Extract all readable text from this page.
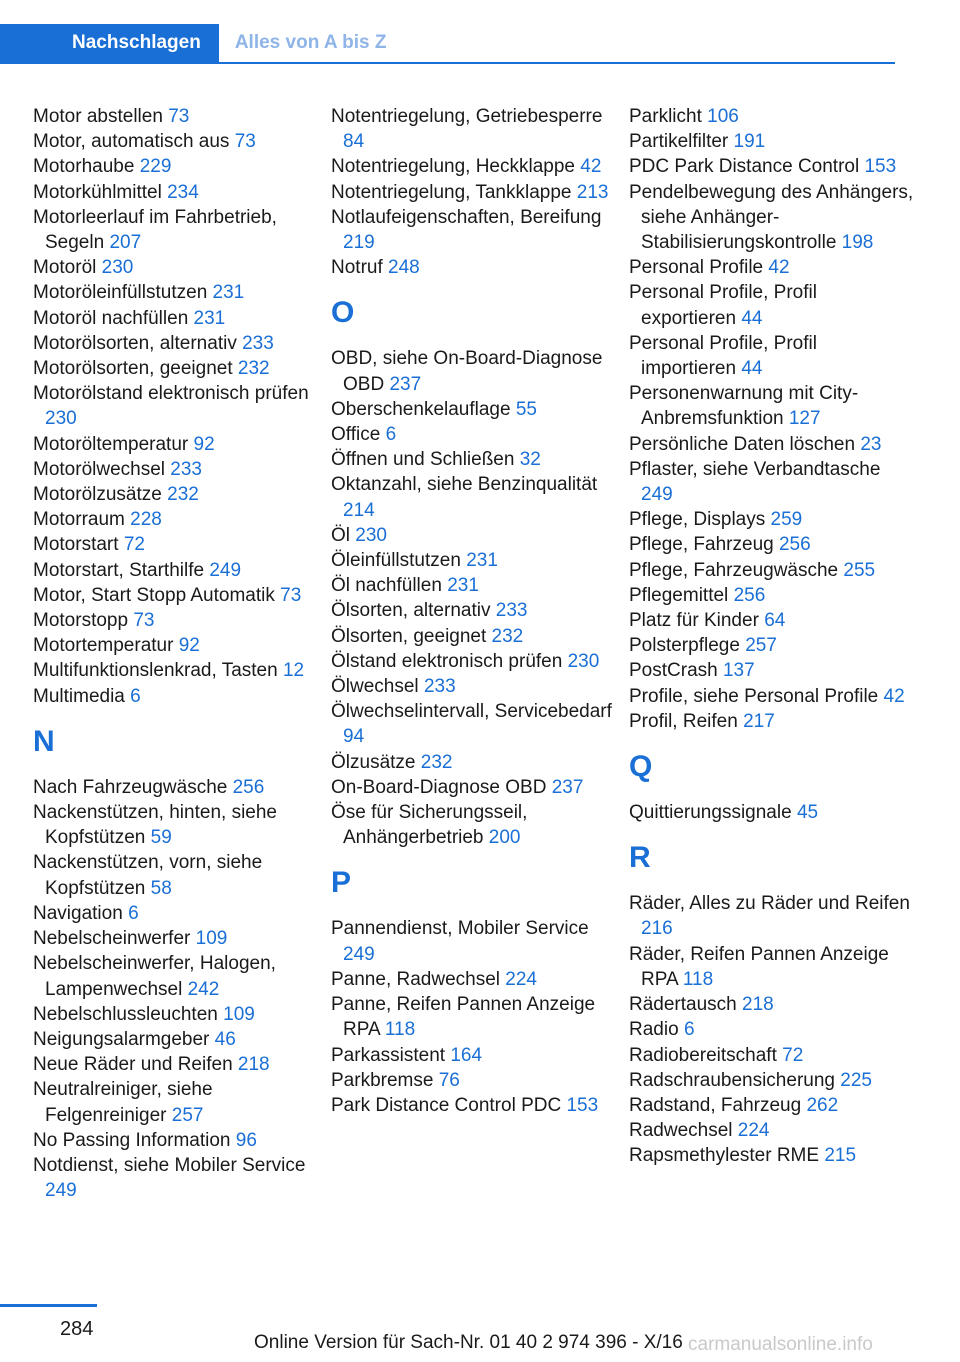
Nachschlagen	Alles von A bis Z
Motor abstellen 73
Motor, automatisch aus 73
Motorhaube 229
Motorkühlmittel 234
Motorleerlauf im Fahrbetrieb, Segeln 207
Motoröl 230
Motoröleinfüllstutzen 231
Motoröl nachfüllen 231
Motorölsorten, alternativ 233
Motorölsorten, geeignet 232
Motorölstand elektronisch prüfen 230
Motoröltemperatur 92
Motorölwechsel 233
Motorölzusätze 232
Motorraum 228
Motorstart 72
Motorstart, Starthilfe 249
Motor, Start Stopp Automatik 73
Motorstopp 73
Motortemperatur 92
Multifunktionslenkrad, Tasten 12
Multimedia 6
N
Nach Fahrzeugwäsche 256
Nackenstützen, hinten, siehe Kopfstützen 59
Nackenstützen, vorn, siehe Kopfstützen 58
Navigation 6
Nebelscheinwerfer 109
Nebelscheinwerfer, Halogen, Lampenwechsel 242
Nebelschlussleuchten 109
Neigungsalarmgeber 46
Neue Räder und Reifen 218
Neutralreiniger, siehe Felgenreiniger 257
No Passing Information 96
Notdienst, siehe Mobiler Service 249
Notentriegelung, Getriebesperre 84
Notentriegelung, Heckklappe 42
Notentriegelung, Tankklappe 213
Notlaufeigenschaften, Bereifung 219
Notruf 248
O
OBD, siehe On-Board-Diagnose OBD 237
Oberschenkelauflage 55
Office 6
Öffnen und Schließen 32
Oktanzahl, siehe Benzinqualität 214
Öl 230
Öleinfüllstutzen 231
Öl nachfüllen 231
Ölsorten, alternativ 233
Ölsorten, geeignet 232
Ölstand elektronisch prüfen 230
Ölwechsel 233
Ölwechselintervall, Servicebedarf 94
Ölzusätze 232
On-Board-Diagnose OBD 237
Öse für Sicherungsseil, Anhängerbetrieb 200
P
Pannendienst, Mobiler Service 249
Panne, Radwechsel 224
Panne, Reifen Pannen Anzeige RPA 118
Parkassistent 164
Parkbremse 76
Park Distance Control PDC 153
Parklicht 106
Partikelfilter 191
PDC Park Distance Control 153
Pendelbewegung des Anhängers, siehe Anhänger-Stabilisierungskontrolle 198
Personal Profile 42
Personal Profile, Profil exportieren 44
Personal Profile, Profil importieren 44
Personenwarnung mit City-Anbremsfunktion 127
Persönliche Daten löschen 23
Pflaster, siehe Verbandtasche 249
Pflege, Displays 259
Pflege, Fahrzeug 256
Pflege, Fahrzeugwäsche 255
Pflegemittel 256
Platz für Kinder 64
Polsterpflege 257
PostCrash 137
Profile, siehe Personal Profile 42
Profil, Reifen 217
Q
Quittierungssignale 45
R
Räder, Alles zu Räder und Reifen 216
Räder, Reifen Pannen Anzeige RPA 118
Rädertausch 218
Radio 6
Radiobereitschaft 72
Radschraubensicherung 225
Radstand, Fahrzeug 262
Radwechsel 224
Rapsmethylester RME 215
284
Online Version für Sach-Nr. 01 40 2 974 396 - X/16 carmanualsonline.info
